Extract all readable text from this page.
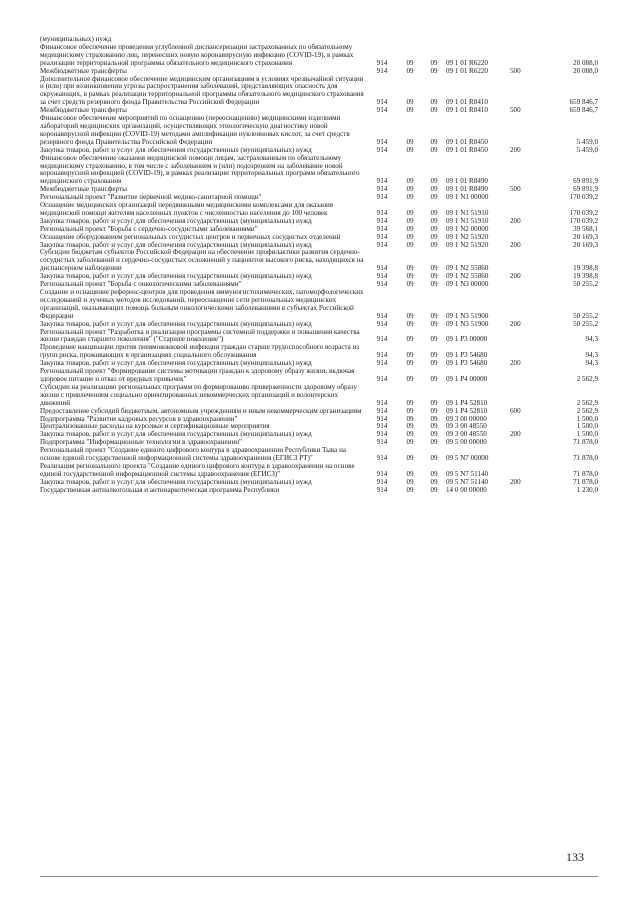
(муниципальных) нужд						
Финансовое обеспечение проведения углубленной диспансеризации застрахованных по обязательному медицинскому страхованию лиц, перенесших новую коронавирусную инфекцию (COVID-19), в рамках реализации территориальной программы обязательного медицинского страхования	914	09	09	09 1 01 R6220		20 088,0
Межбюджетные трансферты	914	09	09	09 1 01 R6220	500	20 088,0
Дополнительное финансовое обеспечение медицинским организациям в условиях чрезвычайной ситуации и (или) при возникновении угрозы распространения заболеваний, представляющих опасность для окружающих, в рамках реализации территориальной программы обязательного медицинского страхования за счет средств резервного фонда Правительства Российской Федерации	914	09	09	09 1 01 R8410		659 846,7
Межбюджетные трансферты	914	09	09	09 1 01 R8410	500	659 846,7
Финансовое обеспечение мероприятий по оснащению (переоснащению) медицинскими изделиями лабораторий медицинских организаций, осуществляющих этиологическую диагностику новой коронавирусной инфекции (COVID-19) методами амплификации нуклеиновых кислот, за счет средств резервного фонда Правительства Российской Федерации	914	09	09	09 1 01 R8450		5 459,0
Закупка товаров, работ и услуг для обеспечения государственных (муниципальных) нужд	914	09	09	09 1 01 R8450	200	5 459,0
Финансовое обеспечение оказания медицинской помощи лицам, застрахованным по обязательному медицинскому страхованию, в том числе с заболеванием и (или) подозрением на заболевание новой коронавирусной инфекцией (COVID-19), в рамках реализации территориальных программ обязательного медицинского страхования	914	09	09	09 1 01 R8490		69 891,9
Межбюджетные трансферты	914	09	09	09 1 01 R8490	500	69 891,9
Региональный проект "Развитие первичной медико-санитарной помощи"	914	09	09	09 1 N1 00000		170 039,2
Оснащение медицинских организаций передвижными медицинскими комплексами для оказания медицинской помощи жителям населенных пунктов с численностью населения до 100 человек	914	09	09	09 1 N1 51910		170 039,2
Закупка товаров, работ и услуг для обеспечения государственных (муниципальных) нужд	914	09	09	09 1 N1 51910	200	170 039,2
Региональный проект "Борьба с сердечно-сосудистыми заболеваниями"	914	09	09	09 1 N2 00000		39 568,1
Оснащение оборудованием региональных сосудистых центров и первичных сосудистых отделений	914	09	09	09 1 N2 51920		20 169,3
Закупка товаров, работ и услуг для обеспечения государственных (муниципальных) нужд	914	09	09	09 1 N2 51920	200	20 169,3
Субсидии бюджетам субъектов Российской Федерации на обеспечение профилактики развития сердечно-сосудистых заболеваний и сердечно-сосудистых осложнений у пациентов высокого риска, находящихся на диспансерном наблюдении	914	09	09	09 1 N2 55860		19 398,8
Закупка товаров, работ и услуг для обеспечения государственных (муниципальных) нужд	914	09	09	09 1 N2 55860	200	19 398,8
Региональный проект "Борьба с онкологическими заболеваниями"	914	09	09	09 1 N3 00000		50 255,2
Создание и оснащение референс-центров для проведения иммуногистохимических, патоморфологических исследований и лучевых методов исследований, переоснащение сети региональных медицинских организаций, оказывающих помощь больным онкологическими заболеваниями в субъектах Российской Федерации	914	09	09	09 1 N3 51900		50 255,2
Закупка товаров, работ и услуг для обеспечения государственных (муниципальных) нужд	914	09	09	09 1 N3 51900	200	50 255,2
Региональный проект "Разработка и реализация программы системной поддержки и повышения качества жизни граждан старшего поколения" ("Старшее поколение")	914	09	09	09 1 P3 00000		94,3
Проведение вакцинации против пневмококковой инфекции граждан старше трудоспособного возраста из групп риска, проживающих в организациях социального обслуживания	914	09	09	09 1 P3 54680		94,3
Закупка товаров, работ и услуг для обеспечения государственных (муниципальных) нужд	914	09	09	09 1 P3 54680	200	94,3
Региональный проект "Формирование системы мотивации граждан к здоровому образу жизни, включая здоровое питание и отказ от вредных привычек"	914	09	09	09 1 P4 00000		2 562,9
Субсидии на реализацию региональных программ по формированию приверженности здоровому образу жизни с привлечением социально ориентированных некоммерческих организаций и волонтерских движений	914	09	09	09 1 P4 52810		2 562,9
Предоставление субсидий бюджетным, автономным учреждениям и иным некоммерческим организациям	914	09	09	09 1 P4 52810	600	2 562,9
Подпрограмма "Развитие кадровых ресурсов в здравоохранении"	914	09	09	09 3 00 00000		1 500,0
Централизованные расходы на курсовые и сертификационные мероприятия	914	09	09	09 3 00 48550		1 500,0
Закупка товаров, работ и услуг для обеспечения государственных (муниципальных) нужд	914	09	09	09 3 00 48550	200	1 500,0
Подпрограмма "Информационные технологии в здравоохранении"	914	09	09	09 5 00 00000		71 878,0
Региональный проект "Создание единого цифрового контура в здравоохранении Республики Тыва на основе единой государственной информационной системы здравоохранения (ЕГИСЗ РТ)"	914	09	09	09 5 N7 00000		71 878,0
Реализация регионального проекта "Создание единого цифрового контура в здравоохранении на основе единой государственной информационной системы здравоохранения (ЕГИСЗ)"	914	09	09	09 5 N7 51140		71 878,0
Закупка товаров, работ и услуг для обеспечения государственных (муниципальных) нужд	914	09	09	09 5 N7 51140	200	71 878,0
Государственная антиалкогольная и антинаркотическая программа Республики	914	09	09	14 0 00 00000		1 230,0
133
